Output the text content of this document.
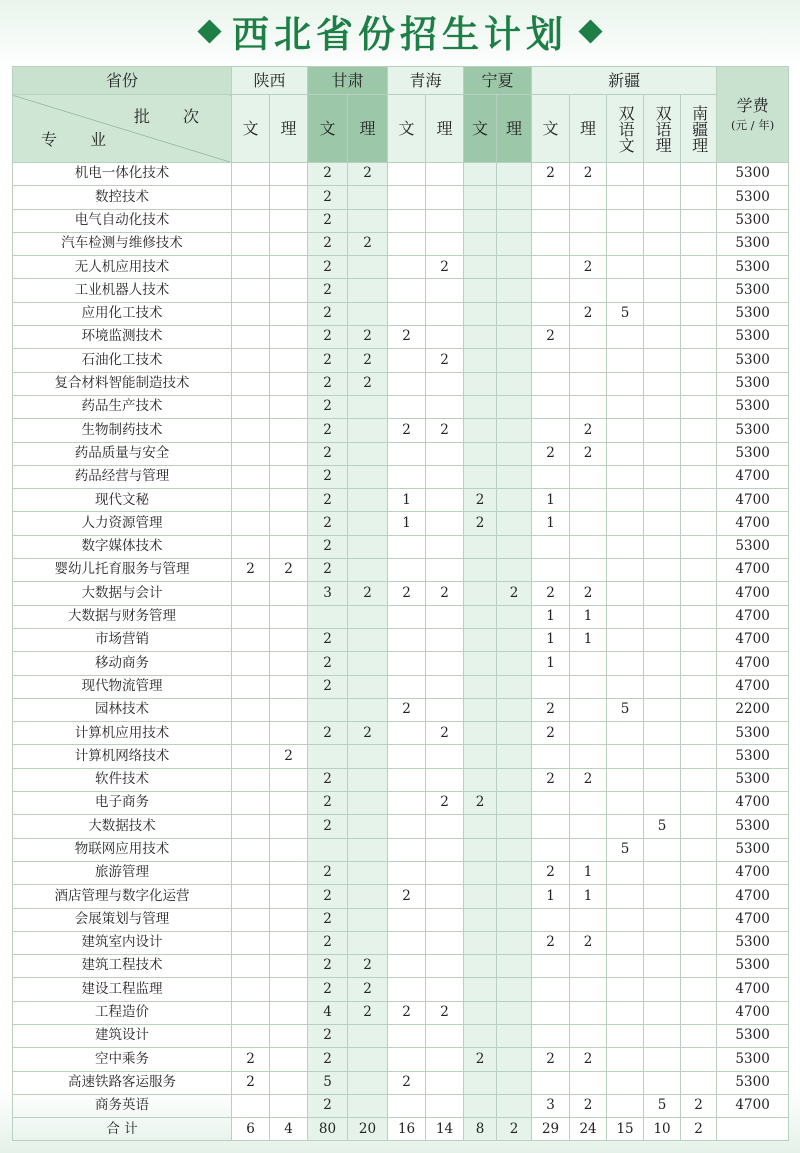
西北省份招生计划
省份	陕西		甘肃		青海		宁夏		新疆					学费
(元 / 年)

批 次
专 业	文	理	文	理	文	理	文	理	文	理	双语文	双语理	南疆理	
机电一体化技术			2	2					2	2				5300
数控技术			2											5300
电气自动化技术			2											5300
汽车检测与维修技术			2	2										5300
无人机应用技术			2			2				2				5300
工业机器人技术			2											5300
应用化工技术			2							2	5			5300
环境监测技术			2	2	2				2					5300
石油化工技术			2	2		2								5300
复合材料智能制造技术			2	2										5300
药品生产技术			2											5300
生物制药技术			2		2	2				2				5300
药品质量与安全			2						2	2				5300
药品经营与管理			2											4700
现代文秘			2		1		2		1					4700
人力资源管理			2		1		2		1					4700
数字媒体技术			2											5300
婴幼儿托育服务与管理	2	2	2											4700
大数据与会计			3	2	2	2		2	2	2				4700
大数据与财务管理									1	1				4700
市场营销			2						1	1				4700
移动商务			2						1					4700
现代物流管理			2											4700
园林技术					2				2		5			2200
计算机应用技术			2	2		2			2					5300
计算机网络技术		2												5300
软件技术			2						2	2				5300
电子商务			2			2	2							4700
大数据技术			2									5		5300
物联网应用技术											5			5300
旅游管理			2						2	1				4700
酒店管理与数字化运营			2		2				1	1				4700
会展策划与管理			2											4700
建筑室内设计			2						2	2				5300
建筑工程技术			2	2										5300
建设工程监理			2	2										4700
工程造价			4	2	2	2								4700
建筑设计			2											5300
空中乘务	2		2				2		2	2				5300
高速铁路客运服务	2		5		2									5300
商务英语			2						3	2		5	2	4700
合 计	6	4	80	20	16	14	8	2	29	24	15	10	2	
